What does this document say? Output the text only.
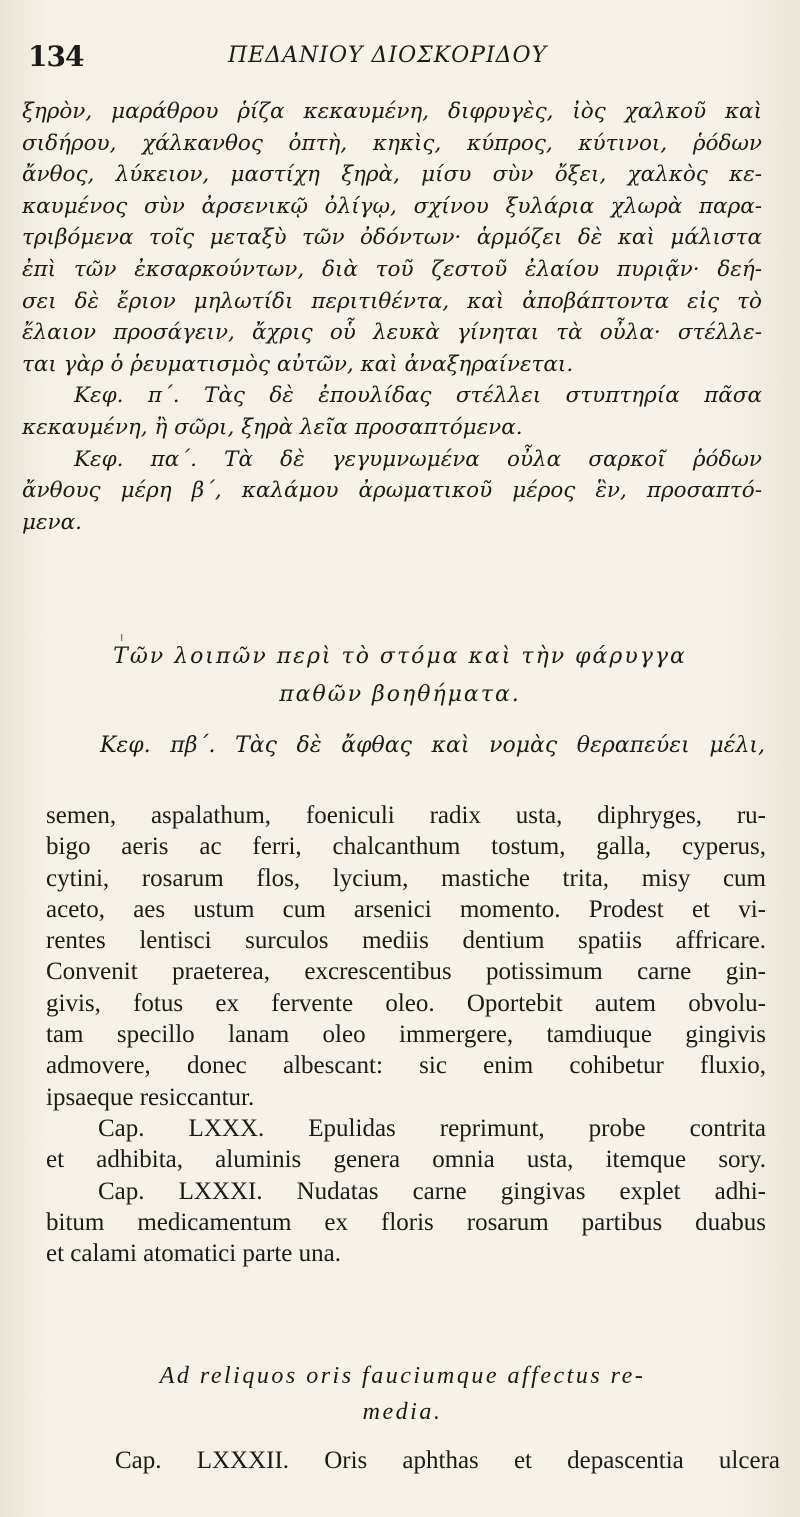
134	ΠΕΔΑΝΙΟΥ ΔΙΟΣΚΟΡΙΔΟΥ
ξηρὸν, μαράθρου ῥίζα κεκαυμένη, διφρυγὲς, ἰὸς χαλκοῦ καὶ
σιδήρου, χάλκανθος ὀπτὴ, κηκὶς, κύπρος, κύτινοι, ῥόδων
ἄνθος, λύκειον, μαστίχη ξηρὰ, μίσυ σὺν ὄξει, χαλκὸς κε-
καυμένος σὺν ἀρσενικῷ ὀλίγῳ, σχίνου ξυλάρια χλωρὰ παρα-
τριβόμενα τοῖς μεταξὺ τῶν ὀδόντων· ἁρμόζει δὲ καὶ μάλιστα
ἐπὶ τῶν ἐκσαρκούντων, διὰ τοῦ ζεστοῦ ἐλαίου πυριᾷν· δεή-
σει δὲ ἔριον μηλωτίδι περιτιθέντα, καὶ ἀποβάπτοντα εἰς τὸ
ἔλαιον προσάγειν, ἄχρις οὗ λευκὰ γίνηται τὰ οὖλα· στέλλε-
ται γὰρ ὁ ῥευματισμὸς αὐτῶν, καὶ ἀναξηραίνεται.
Κεφ. π΄. Τὰς δὲ ἐπουλίδας στέλλει στυπτηρία πᾶσα
κεκαυμένη, ἢ σῶρι, ξηρὰ λεῖα προσαπτόμενα.
Κεφ. πα΄. Τὰ δὲ γεγυμνωμένα οὖλα σαρκοῖ ῥόδων
ἄνθους μέρη β΄, καλάμου ἀρωματικοῦ μέρος ἓν, προσαπτό-
μενα.
ı
Τῶν λοιπῶν περὶ τὸ στόμα καὶ τὴν φάρυγγα
παθῶν βοηθήματα.
Κεφ. πβ΄. Τὰς δὲ ἄφθας καὶ νομὰς θεραπεύει μέλι,
semen, aspalathum, foeniculi radix usta, diphryges, ru-
bigo aeris ac ferri, chalcanthum tostum, galla, cyperus,
cytini, rosarum flos, lycium, mastiche trita, misy cum
aceto, aes ustum cum arsenici momento. Prodest et vi-
rentes lentisci surculos mediis dentium spatiis affricare.
Convenit praeterea, excrescentibus potissimum carne gin-
givis, fotus ex fervente oleo. Oportebit autem obvolu-
tam specillo lanam oleo immergere, tamdiuque gingivis
admovere, donec albescant: sic enim cohibetur fluxio,
ipsaeque resiccantur.
Cap. LXXX. Epulidas reprimunt, probe contrita
et adhibita, aluminis genera omnia usta, itemque sory.
Cap. LXXXI. Nudatas carne gingivas explet adhi-
bitum medicamentum ex floris rosarum partibus duabus
et calami atomatici parte una.
Ad reliquos oris fauciumque affectus re-
media.
Cap. LXXXII. Oris aphthas et depascentia ulcera
